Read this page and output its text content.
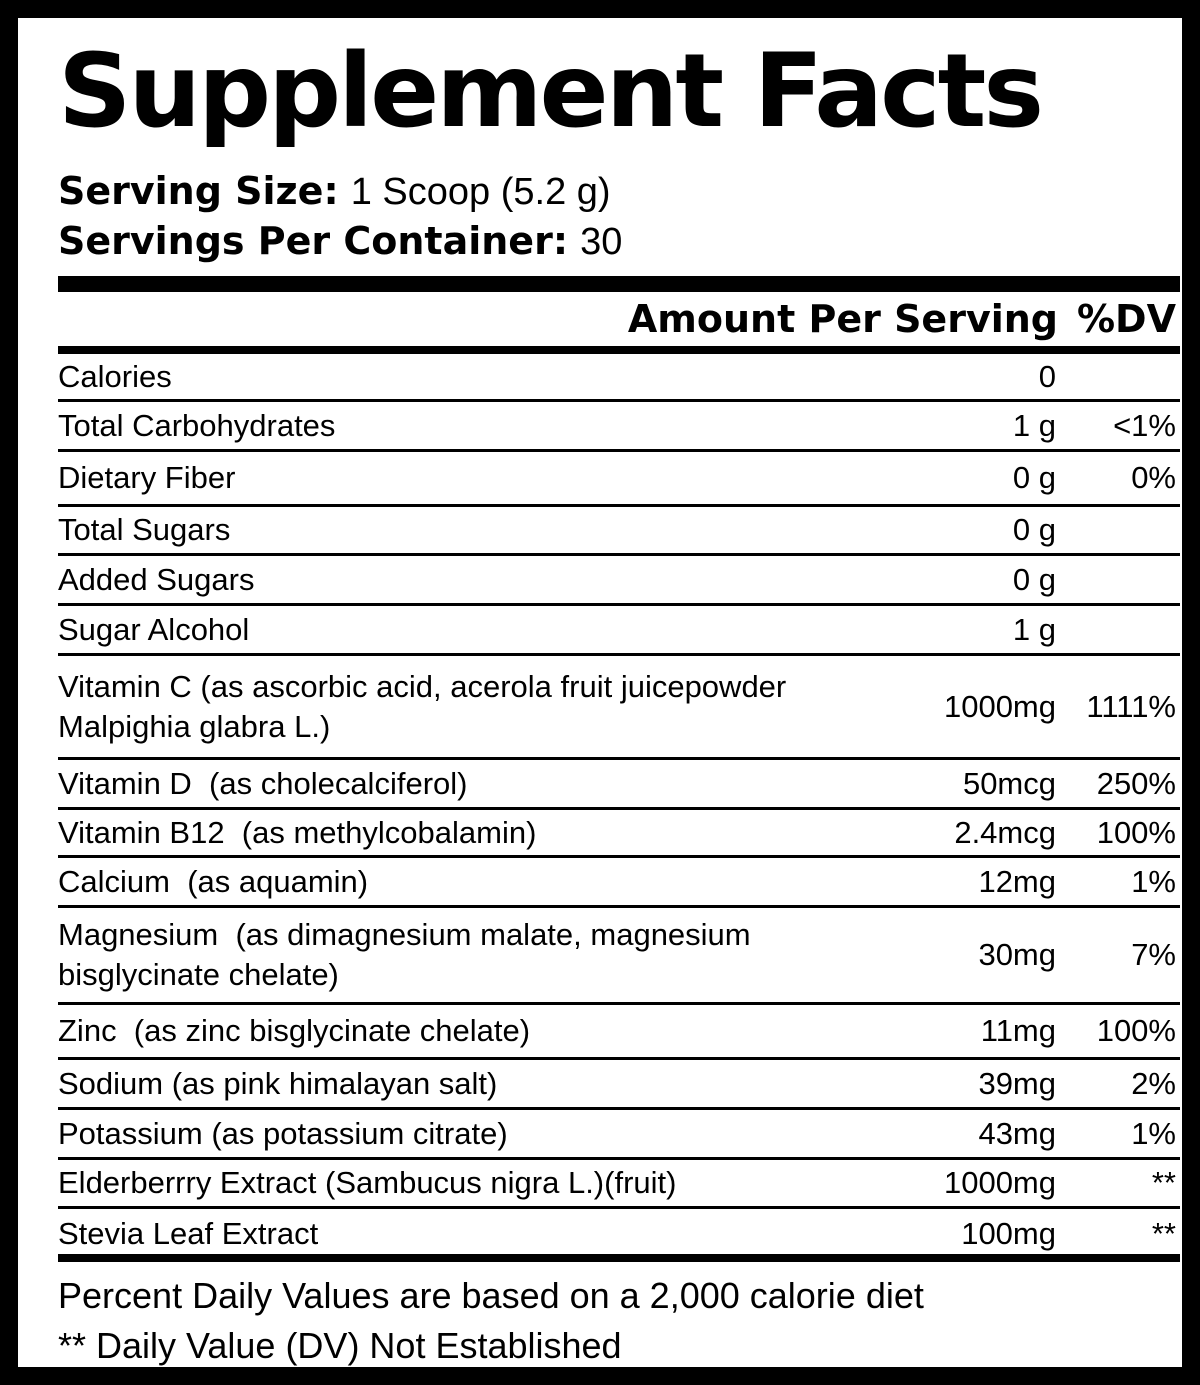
Supplement Facts
Serving Size: 1 Scoop (5.2 g)
Servings Per Container: 30
Amount Per Serving %DV
Calories	0
Total Carbohydrates	1 g <1%
Dietary Fiber	0 g 0%
Total Sugars	0 g
Added Sugars	0 g
Sugar Alcohol	1 g
Vitamin C (as ascorbic acid, acerola fruit juicepowder
Malpighia glabra L.)
1000mg 1111%
Vitamin D  (as cholecalciferol)	50mcg 250%
Vitamin B12  (as methylcobalamin)	2.4mcg 100%
Calcium  (as aquamin)	12mg 1%
Magnesium  (as dimagnesium malate, magnesium
bisglycinate chelate)
30mg 7%
Zinc  (as zinc bisglycinate chelate)	11mg 100%
Sodium (as pink himalayan salt)	39mg 2%
Potassium (as potassium citrate)	43mg 1%
Elderberrry Extract (Sambucus nigra L.)(fruit)	1000mg	**
Stevia Leaf Extract	100mg	**
Percent Daily Values are based on a 2,000 calorie diet
** Daily Value (DV) Not Established
